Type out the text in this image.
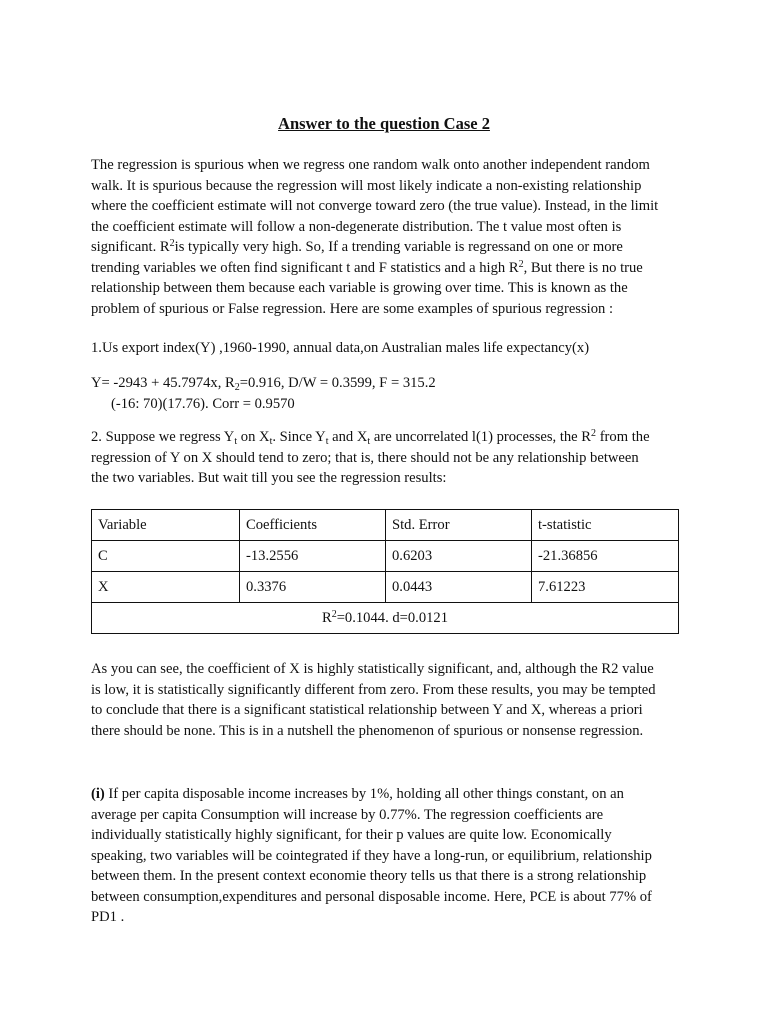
Answer to the question Case 2
The regression is spurious when we regress one random walk onto another independent random
walk. It is spurious because the regression will most likely indicate a non-existing relationship
where the coefficient estimate will not converge toward zero (the true value). Instead, in the limit
the coefficient estimate will follow a non-degenerate distribution. The t value most often is
significant. $R^2is$ typically very high. So, If a trending variable is regressand on one or more
trending variables we often find significant t and F statistics and a high $R^2$, But there is no true
relationship between them because each variable is growing over time. This is known as the
problem of spurious or False regression. Here are some examples of spurious regression :
1.Us export index(Y) ,1960-1990, annual data,on Australian males life expectancy(x)
Y= -2943 + 45.7974x, $R_2=0.916$, D/W = 0.3599, F = 315.2
(-16: 70)(17.76). Corr = 0.9570
2. Suppose we regress $Y_t$ on $X_t$. Since $Y_t$ and $X_t$ are uncorrelated l(1) processes, the $R^2$ from the
regression of Y on X should tend to zero; that is, there should not be any relationship between
the two variables. But wait till you see the regression results:
Variable	Coefficients	Std. Error	t-statistic
C	-13.2556	0.6203	-21.36856
X	0.3376	0.0443	7.61223
$R^2=0.1044$. d=0.0121			
As you can see, the coefficient of X is highly statistically significant, and, although the R2 value
is low, it is statistically significantly different from zero. From these results, you may be tempted
to conclude that there is a significant statistical relationship between Y and X, whereas a priori
there should be none. This is in a nutshell the phenomenon of spurious or nonsense regression.
(i) If per capita disposable income increases by 1%, holding all other things constant, on an
average per capita Consumption will increase by 0.77%. The regression coefficients are
individually statistically highly significant, for their p values are quite low. Economically
speaking, two variables will be cointegrated if they have a long-run, or equilibrium, relationship
between them. In the present context economie theory tells us that there is a strong relationship
between consumption,expenditures and personal disposable income. Here, PCE is about 77% of
PD1 .
